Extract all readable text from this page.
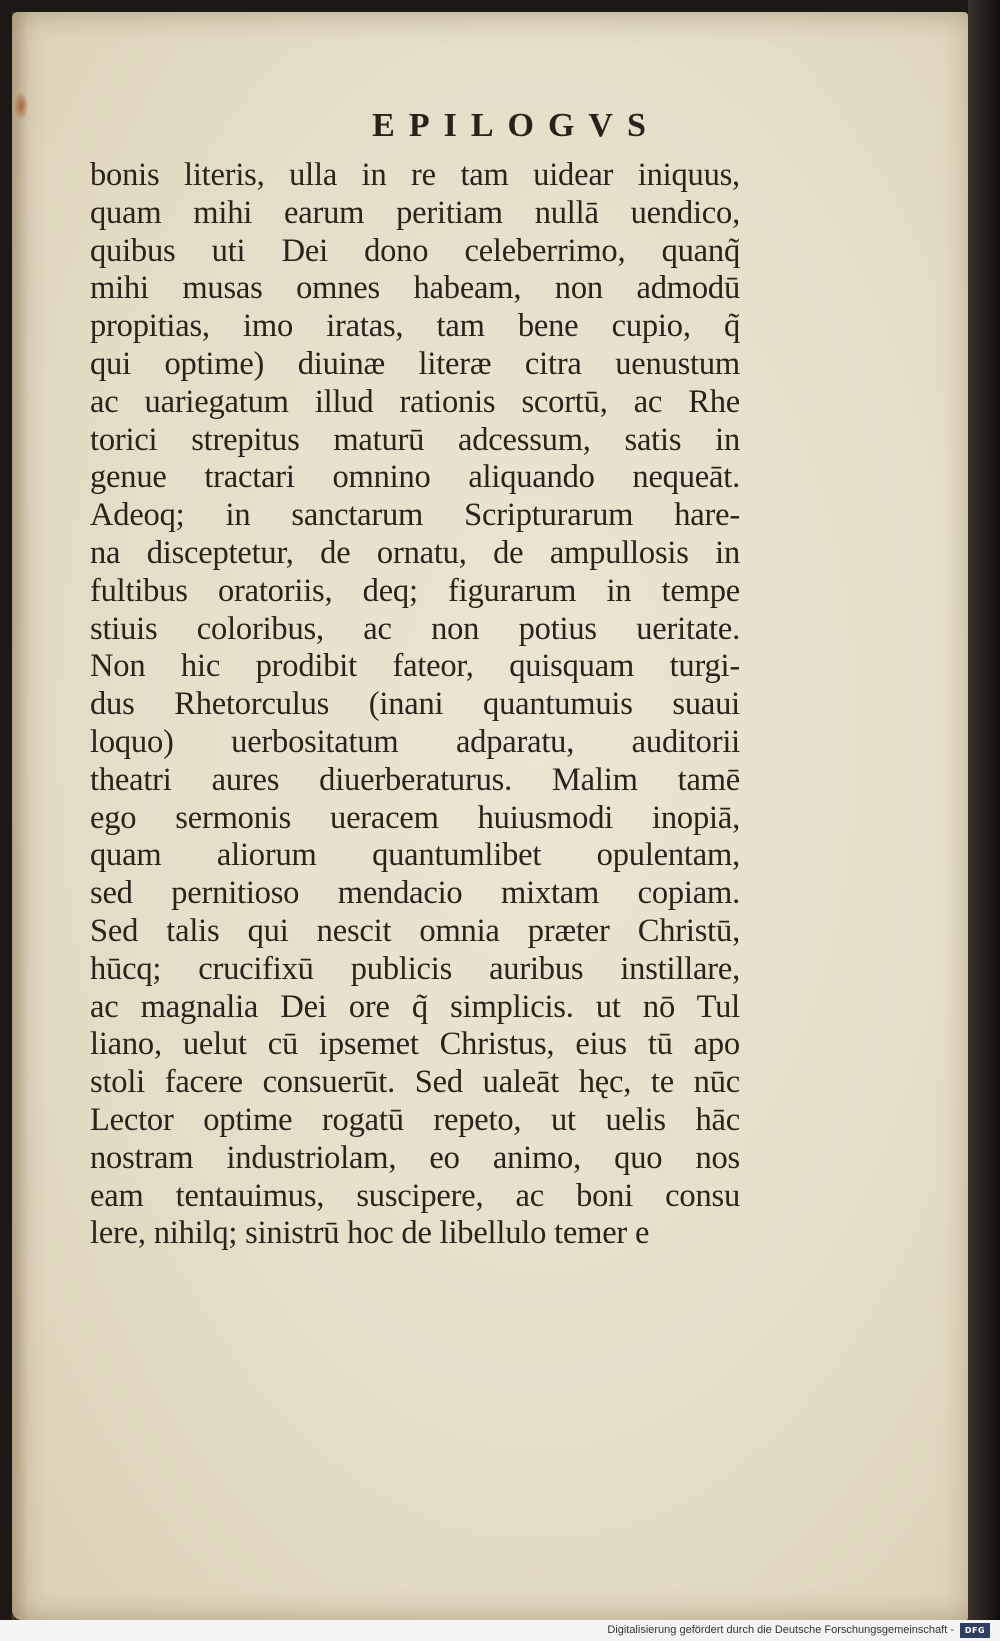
EPILOGVS
bonis literis, ulla in re tam uidear iniquus,
quam mihi earum peritiam nullā uendico,
quibus uti Dei dono celeberrimo, quanq̃
mihi musas omnes habeam, non admodū
propitias, imo iratas, tam bene cupio, q̃
qui optime) diuinæ literæ citra uenustum
ac uariegatum illud rationis scortū, ac Rhe
torici strepitus maturū adcessum, satis in
genue tractari omnino aliquando nequeāt.
Adeoq; in sanctarum Scripturarum hare-
na disceptetur, de ornatu, de ampullosis in
fultibus oratoriis, deq; figurarum in tempe
stiuis coloribus, ac non potius ueritate.
Non hic prodibit fateor, quisquam turgi-
dus Rhetorculus (inani quantumuis suaui
loquo) uerbositatum adparatu, auditorii
theatri aures diuerberaturus. Malim tamē
ego sermonis ueracem huiusmodi inopiā,
quam aliorum quantumlibet opulentam,
sed pernitioso mendacio mixtam copiam.
Sed talis qui nescit omnia præter Christū,
hūcq; crucifixū publicis auribus instillare,
ac magnalia Dei ore q̃ simplicis. ut nō Tul
liano, uelut cū ipsemet Christus, eius tū apo
stoli facere consuerūt. Sed ualeāt hęc, te nūc
Lector optime rogatū repeto, ut uelis hāc
nostram industriolam, eo animo, quo nos
eam tentauimus, suscipere, ac boni consu
lere, nihilq; sinistrū hoc de libellulo temer e
Digitalisierung gefördert durch die Deutsche Forschungsgemeinschaft -	DFG
